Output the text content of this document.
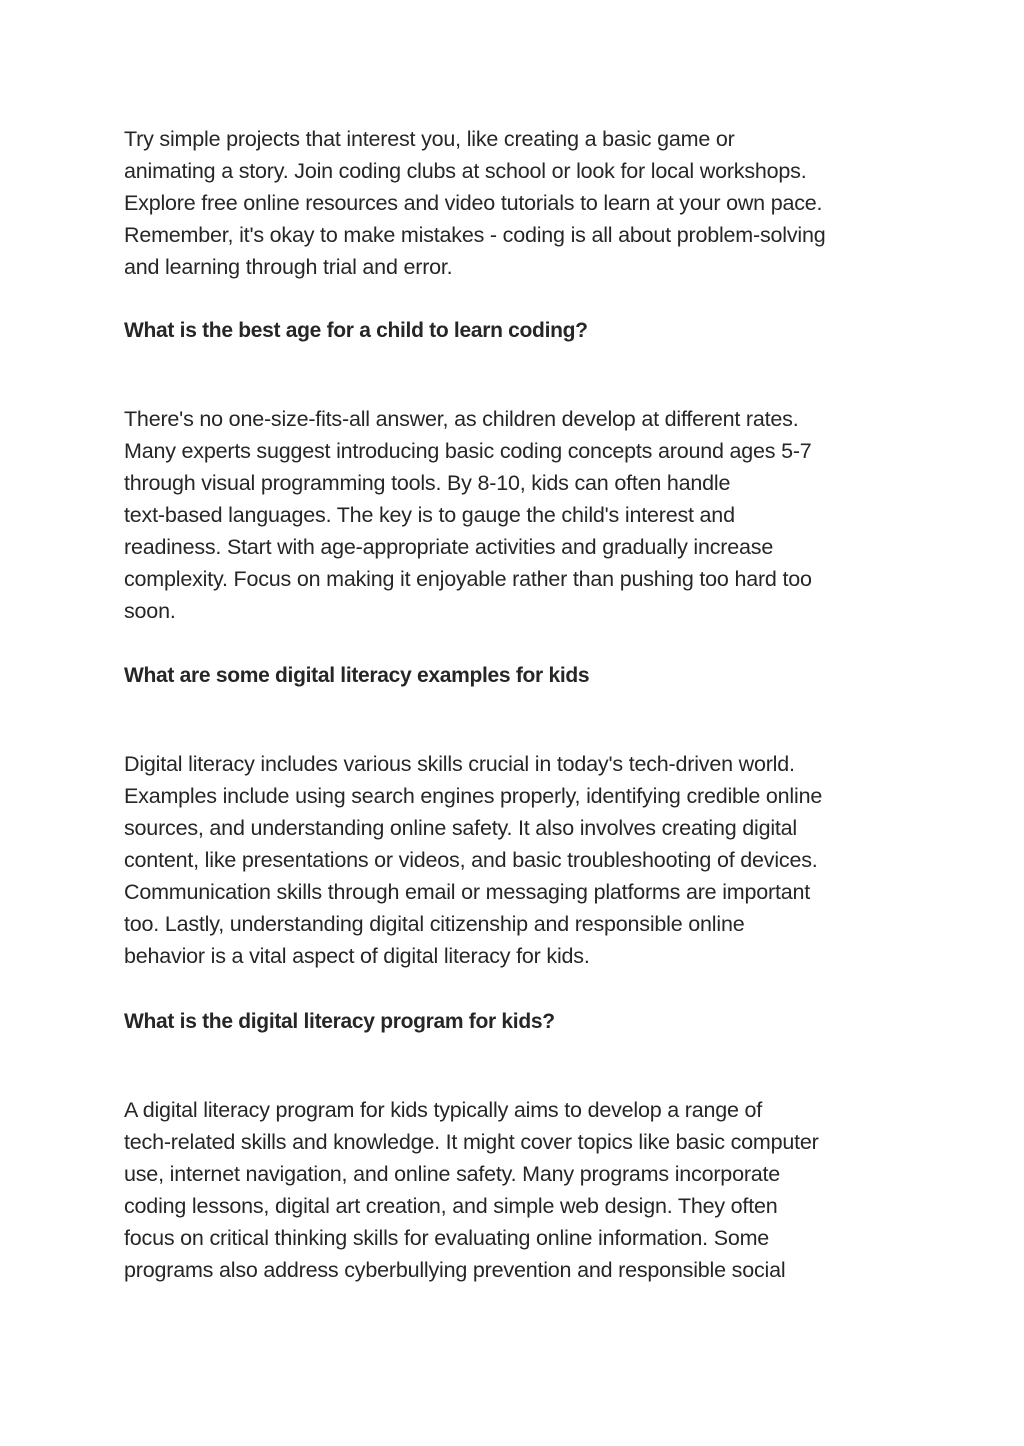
Try simple projects that interest you, like creating a basic game or
animating a story. Join coding clubs at school or look for local workshops.
Explore free online resources and video tutorials to learn at your own pace.
Remember, it's okay to make mistakes - coding is all about problem-solving
and learning through trial and error.

What is the best age for a child to learn coding?

There's no one-size-fits-all answer, as children develop at different rates.
Many experts suggest introducing basic coding concepts around ages 5-7
through visual programming tools. By 8-10, kids can often handle
text-based languages. The key is to gauge the child's interest and
readiness. Start with age-appropriate activities and gradually increase
complexity. Focus on making it enjoyable rather than pushing too hard too
soon.

What are some digital literacy examples for kids

Digital literacy includes various skills crucial in today's tech-driven world.
Examples include using search engines properly, identifying credible online
sources, and understanding online safety. It also involves creating digital
content, like presentations or videos, and basic troubleshooting of devices.
Communication skills through email or messaging platforms are important
too. Lastly, understanding digital citizenship and responsible online
behavior is a vital aspect of digital literacy for kids.

What is the digital literacy program for kids?

A digital literacy program for kids typically aims to develop a range of
tech-related skills and knowledge. It might cover topics like basic computer
use, internet navigation, and online safety. Many programs incorporate
coding lessons, digital art creation, and simple web design. They often
focus on critical thinking skills for evaluating online information. Some
programs also address cyberbullying prevention and responsible social
